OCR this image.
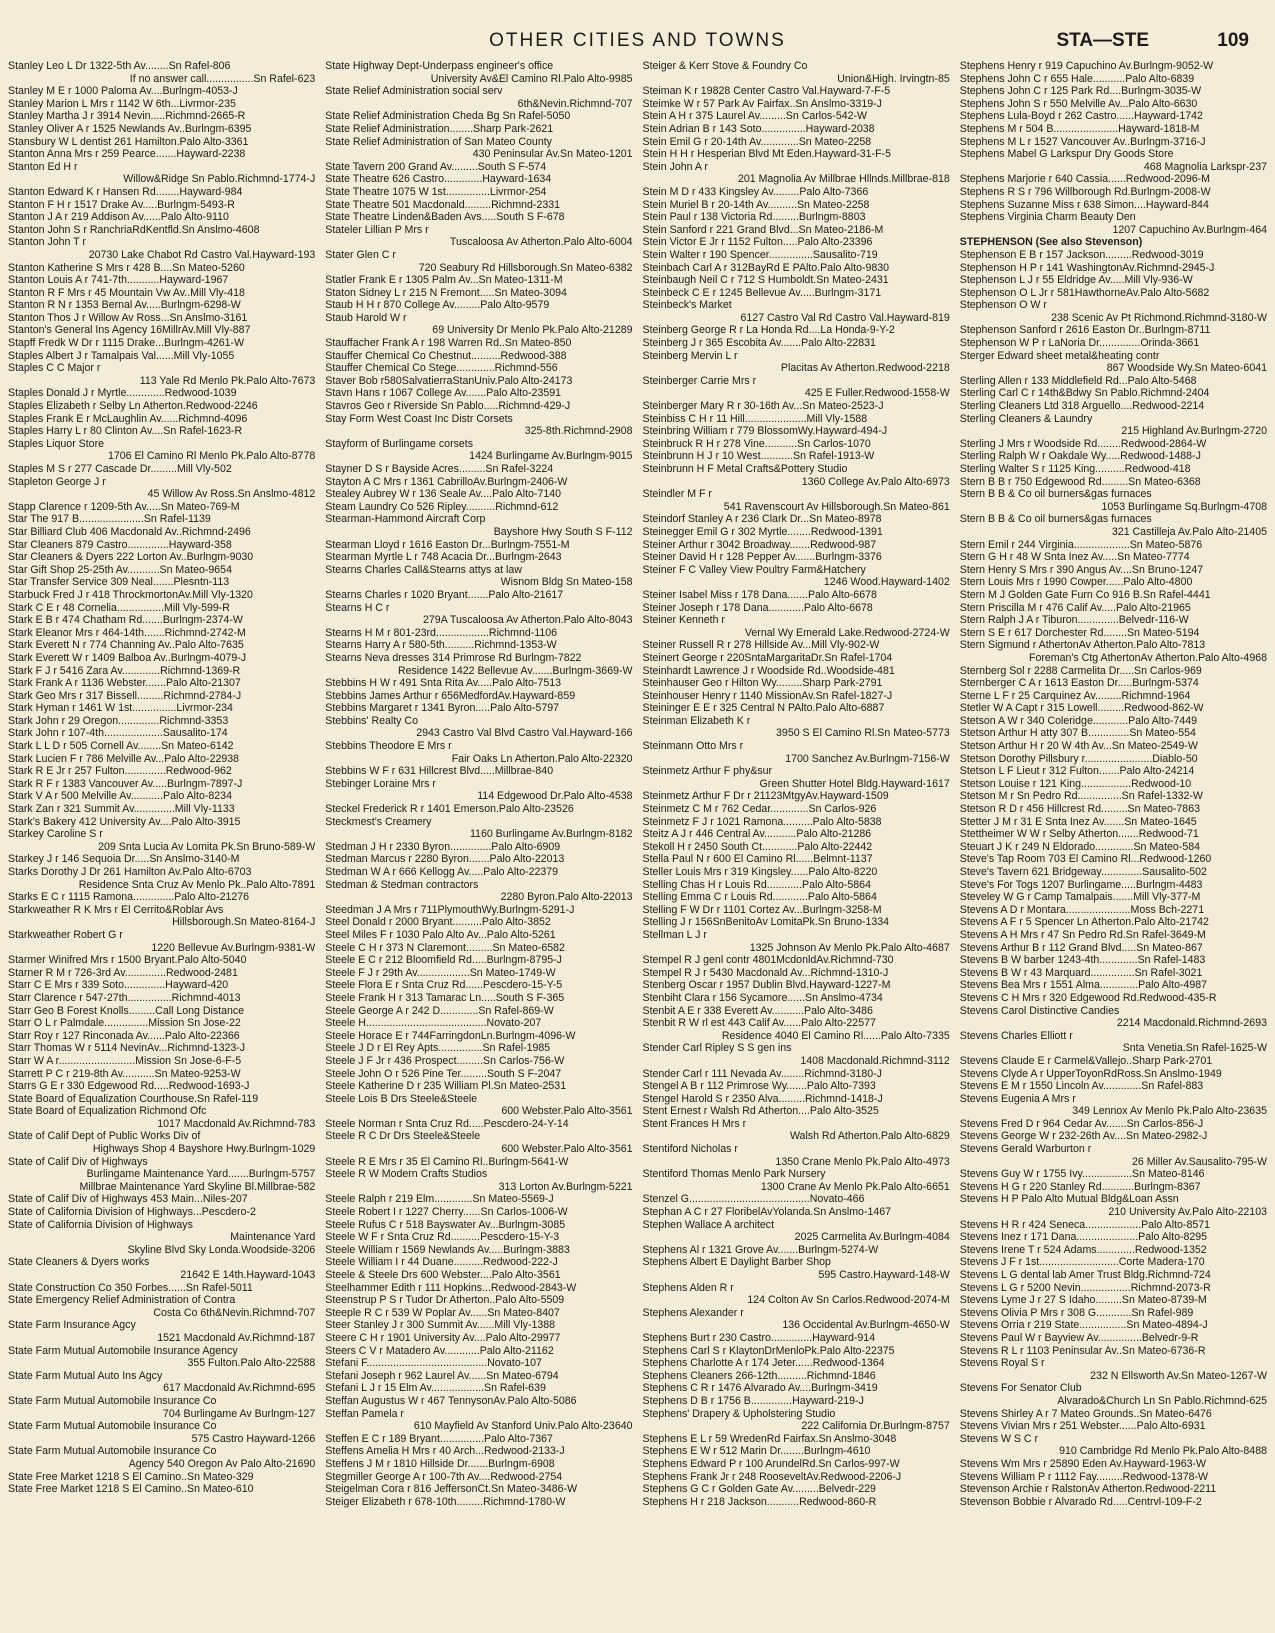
OTHER CITIES AND TOWNS	STA—STE	109
Stanley Leo L Dr 1322-5th Av........Sn Rafel-806
If no answer call................Sn Rafel-623
Stanley M E r 1000 Paloma Av....Burlngm-4053-J
Stanley Marion L Mrs r 1142 W 6th...Livrmor-235
Stanley Martha J r 3914 Nevin.....Richmnd-2665-R
Stanley Oliver A r 1525 Newlands Av..Burlngm-6395
Stansbury W L dentist 261 Hamilton.Palo Alto-3361
Stanton Anna Mrs r 259 Pearce.......Hayward-2238
Stanton Ed H r
Willow&Ridge Sn Pablo.Richmnd-1774-J
Stanton Edward K r Hansen Rd........Hayward-984
Stanton F H r 1517 Drake Av.....Burlngm-5493-R
Stanton J A r 219 Addison Av......Palo Alto-9110
Stanton John S r RanchriaRdKentfld.Sn Anslmo-4608
Stanton John T r
20730 Lake Chabot Rd Castro Val.Hayward-193
Stanton Katherine S Mrs r 428 B....Sn Mateo-5260
Stanton Louis A r 741-7th...........Hayward-1967
Stanton R F Mrs r 45 Mountain Vw Av..Mill Vly-418
Stanton R N r 1353 Bernal Av.....Burlngm-6298-W
Stanton Thos J r Willow Av Ross...Sn Anslmo-3161
Stanton's General Ins Agency 16MillrAv.Mill Vly-887
Stapff Fredk W Dr r 1115 Drake...Burlngm-4261-W
Staples Albert J r Tamalpais Val......Mill Vly-1055
Staples C C Major r
113 Yale Rd Menlo Pk.Palo Alto-7673
Staples Donald J r Myrtle.............Redwood-1039
Staples Elizabeth r Selby Ln Atherton.Redwood-2246
Staples Frank E r McLaughlin Av......Richmnd-4096
Staples Harry L r 80 Clinton Av....Sn Rafel-1623-R
Staples Liquor Store
1706 El Camino Rl Menlo Pk.Palo Alto-8778
Staples M S r 277 Cascade Dr.........Mill Vly-502
Stapleton George J r
45 Willow Av Ross.Sn Anslmo-4812
Stapp Clarence r 1209-5th Av.....Sn Mateo-769-M
Star The 917 B......................Sn Rafel-1139
Star Billiard Club 406 Macdonald Av..Richmnd-2496
Star Cleaners 879 Castro..............Hayward-358
Star Cleaners & Dyers 222 Lorton Av..Burlngm-9030
Star Gift Shop 25-25th Av...........Sn Mateo-9654
Star Transfer Service 309 Neal.......Plesntn-113
Starbuck Fred J r 418 ThrockmortonAv.Mill Vly-1320
Stark C E r 48 Cornelia................Mill Vly-599-R
Stark E B r 474 Chatham Rd.......Burlngm-2374-W
Stark Eleanor Mrs r 464-14th.......Richmnd-2742-M
Stark Everett N r 774 Channing Av..Palo Alto-7635
Stark Everett W r 1409 Balboa Av..Burlngm-4079-J
Stark F J r 5416 Zara Av.............Richmnd-1369-R
Stark Frank A r 1136 Webster.......Palo Alto-21307
Stark Geo Mrs r 317 Bissell.........Richmnd-2784-J
Stark Hyman r 1461 W 1st...............Livrmor-234
Stark John r 29 Oregon..............Richmnd-3353
Stark John r 107-4th....................Sausalito-174
Stark L L D r 505 Cornell Av........Sn Mateo-6142
Stark Lucien F r 786 Melville Av...Palo Alto-22938
Stark R E Jr r 257 Fulton..............Redwood-962
Stark R F r 1383 Vancouver Av.....Burlngm-7897-J
Stark V A r 500 Melville Av...........Palo Alto-8234
Stark Zan r 321 Summit Av..............Mill Vly-1133
Stark's Bakery 412 University Av....Palo Alto-3915
Starkey Caroline S r
209 Snta Lucia Av Lomita Pk.Sn Bruno-589-W
Starkey J r 146 Sequoia Dr.....Sn Anslmo-3140-M
Starks Dorothy J Dr 261 Hamilton Av.Palo Alto-6703
Residence Snta Cruz Av Menlo Pk..Palo Alto-7891
Starks E C r 1115 Ramona..............Palo Alto-21276
Starkweather R K Mrs r El Cerrito&Roblar Avs
Hillsborough.Sn Mateo-8164-J
Starkweather Robert G r
1220 Bellevue Av.Burlngm-9381-W
Starmer Winifred Mrs r 1500 Bryant.Palo Alto-5040
Starner R M r 726-3rd Av..............Redwood-2481
Starr C E Mrs r 339 Soto..............Hayward-420
Starr Clarence r 547-27th...............Richmnd-4013
Starr Geo B Forest Knolls.........Call Long Distance
Starr O L r Palmdale...............Mission Sn Jose-22
Starr Roy r 127 Rinconada Av......Palo Alto-22366
Starr Thomas W r 5114 NevinAv...Richmnd-1323-J
Starr W A r..........................Mission Sn Jose-6-F-5
Starrett P C r 219-8th Av...........Sn Mateo-9253-W
Starrs G E r 330 Edgewood Rd.....Redwood-1693-J
State Board of Equalization Courthouse.Sn Rafel-119
State Board of Equalization Richmond Ofc
1017 Macdonald Av.Richmnd-783
State of Calif Dept of Public Works Div of
Highways Shop 4 Bayshore Hwy.Burlngm-1029
State of Calif Div of Highways
Burlingame Maintenance Yard.......Burlngm-5757
Millbrae Maintenance Yard Skyline Bl.Millbrae-582
State of Calif Div of Highways 453 Main...Niles-207
State of California Division of Highways...Pescdero-2
State of California Division of Highways
Maintenance Yard
Skyline Blvd Sky Londa.Woodside-3206
State Cleaners & Dyers works
21642 E 14th.Hayward-1043
State Construction Co 350 Forbes......Sn Rafel-5011
State Emergency Relief Administration of Contra
Costa Co 6th&Nevin.Richmnd-707
State Farm Insurance Agcy
1521 Macdonald Av.Richmnd-187
State Farm Mutual Automobile Insurance Agency
355 Fulton.Palo Alto-22588
State Farm Mutual Auto Ins Agcy
617 Macdonald Av.Richmnd-695
State Farm Mutual Automobile Insurance Co
704 Burlingame Av Burlngm-127
State Farm Mutual Automobile Insurance Co
575 Castro Hayward-1266
State Farm Mutual Automobile Insurance Co
Agency 540 Oregon Av Palo Alto-21690
State Free Market 1218 S El Camino..Sn Mateo-329
State Free Market 1218 S El Camino..Sn Mateo-610
State Highway Dept-Underpass engineer's office
University Av&El Camino Rl.Palo Alto-9985
State Relief Administration social serv
6th&Nevin.Richmnd-707
State Relief Administration Cheda Bg Sn Rafel-5050
State Relief Administration........Sharp Park-2621
State Relief Administration of San Mateo County
430 Peninsular Av.Sn Mateo-1201
State Tavern 200 Grand Av.........South S F-574
State Theatre 626 Castro.............Hayward-1634
State Theatre 1075 W 1st...............Livrmor-254
State Theatre 501 Macdonald.........Richmnd-2331
State Theatre Linden&Baden Avs.....South S F-678
Stateler Lillian P Mrs r
Tuscaloosa Av Atherton.Palo Alto-6004
Stater Glen C r
720 Seabury Rd Hillsborough.Sn Mateo-6382
Statler Frank E r 1305 Palm Av...Sn Mateo-1311-M
Staton Sidney L r 215 N Fremont.....Sn Mateo-3094
Staub H H r 870 College Av.........Palo Alto-9579
Staub Harold W r
69 University Dr Menlo Pk.Palo Alto-21289
Stauffacher Frank A r 198 Warren Rd..Sn Mateo-850
Stauffer Chemical Co Chestnut..........Redwood-388
Stauffer Chemical Co Stege.............Richmnd-556
Staver Bob r580SalvatierraStanUniv.Palo Alto-24173
Stavn Hans r 1067 College Av.......Palo Alto-23591
Stavros Geo r Riverside Sn Pablo.....Richmnd-429-J
Stay Form West Coast Inc Distr Corsets
325-8th.Richmnd-2908
Stayform of Burlingame corsets
1424 Burlingame Av.Burlngm-9015
Stayner D S r Bayside Acres.........Sn Rafel-3224
Stayton A C Mrs r 1361 CabrilloAv.Burlngm-2406-W
Stealey Aubrey W r 136 Seale Av....Palo Alto-7140
Steam Laundry Co 526 Ripley..........Richmnd-612
Stearman-Hammond Aircraft Corp
Bayshore Hwy South S F-112
Stearman Lloyd r 1616 Easton Dr...Burlngm-7551-M
Stearman Myrtle L r 748 Acacia Dr...Burlngm-2643
Stearns Charles Call&Stearns attys at law
Wisnom Bldg Sn Mateo-158
Stearns Charles r 1020 Bryant.......Palo Alto-21617
Stearns H C r
279A Tuscaloosa Av Atherton.Palo Alto-8043
Stearns H M r 801-23rd..................Richmnd-1106
Stearns Harry A r 580-5th..........Richmnd-1353-W
Stearns Neva dresses 314 Primrose Rd Burlngm-7822
Residence 1422 Bellevue Av.......Burlngm-3669-W
Stebbins H W r 491 Snta Rita Av.....Palo Alto-7513
Stebbins James Arthur r 656MedfordAv.Hayward-859
Stebbins Margaret r 1341 Byron.....Palo Alto-5797
Stebbins' Realty Co
2943 Castro Val Blvd Castro Val.Hayward-166
Stebbins Theodore E Mrs r
Fair Oaks Ln Atherton.Palo Alto-22320
Stebbins W F r 631 Hillcrest Blvd.....Millbrae-840
Stebinger Loraine Mrs r
114 Edgewood Dr.Palo Alto-4538
Steckel Frederick R r 1401 Emerson.Palo Alto-23526
Steckmest's Creamery
1160 Burlingame Av.Burlngm-8182
Stedman J H r 2330 Byron..............Palo Alto-6909
Stedman Marcus r 2280 Byron.......Palo Alto-22013
Stedman W A r 666 Kellogg Av.....Palo Alto-22379
Stedman & Stedman contractors
2280 Byron.Palo Alto-22013
Steedman J A Mrs r 711PlymouthWy.Burlngm-5291-J
Steel Donald r 2000 Bryant..........Palo Alto-3852
Steel Miles F r 1030 Palo Alto Av...Palo Alto-5261
Steele C H r 373 N Claremont.........Sn Mateo-6582
Steele E C r 212 Bloomfield Rd.....Burlngm-8795-J
Steele F J r 29th Av..................Sn Mateo-1749-W
Steele Flora E r Snta Cruz Rd......Pescdero-15-Y-5
Steele Frank H r 313 Tamarac Ln.....South S F-365
Steele George A r 242 D.............Sn Rafel-869-W
Steele H.........................................Novato-207
Steele Horace E r 744FarringdonLn.Burlngm-4096-W
Steele J D r El Rey Apts...............Sn Rafel-1985
Steele J F Jr r 436 Prospect.........Sn Carlos-756-W
Steele John O r 526 Pine Ter.........South S F-2047
Steele Katherine D r 235 William Pl.Sn Mateo-2531
Steele Lois B Drs Steele&Steele
600 Webster.Palo Alto-3561
Steele Norman r Snta Cruz Rd.....Pescdero-24-Y-14
Steele R C Dr Drs Steele&Steele
600 Webster.Palo Alto-3561
Steele R E Mrs r 35 El Camino Rl..Burlngm-5641-W
Steele R W Modern Crafts Studios
313 Lorton Av.Burlngm-5221
Steele Ralph r 219 Elm.............Sn Mateo-5569-J
Steele Robert I r 1227 Cherry......Sn Carlos-1006-W
Steele Rufus C r 518 Bayswater Av...Burlngm-3085
Steele W F r Snta Cruz Rd..........Pescdero-15-Y-3
Steele William r 1569 Newlands Av.....Burlngm-3883
Steele William I r 44 Duane..........Redwood-222-J
Steele & Steele Drs 600 Webster....Palo Alto-3561
Steelhammer Edith r 111 Hopkins...Redwood-2843-W
Steenstrup P S r Tudor Dr Atherton..Palo Alto-5509
Steeple R C r 539 W Poplar Av......Sn Mateo-8407
Steer Stanley J r 300 Summit Av......Mill Vly-1388
Steere C H r 1901 University Av....Palo Alto-29977
Steers C V r Matadero Av............Palo Alto-21162
Stefani F.........................................Novato-107
Stefani Joseph r 962 Laurel Av......Sn Mateo-6794
Stefani L J r 15 Elm Av..................Sn Rafel-639
Steffan Augustus W r 467 TennysonAv.Palo Alto-5086
Steffan Pamela r
610 Mayfield Av Stanford Univ.Palo Alto-23640
Steffen E C r 189 Bryant...............Palo Alto-7367
Steffens Amelia H Mrs r 40 Arch...Redwood-2133-J
Steffens J M r 1810 Hillside Dr.......Burlngm-6908
Stegmiller George A r 100-7th Av....Redwood-2754
Steigelman Cora r 816 JeffersonCt.Sn Mateo-3486-W
Steiger Elizabeth r 678-10th.........Richmnd-1780-W
Steiger & Kerr Stove & Foundry Co
Union&High. Irvingtn-85
Steiman K r 19828 Center Castro Val.Hayward-7-F-5
Steimke W r 57 Park Av Fairfax..Sn Anslmo-3319-J
Stein A H r 375 Laurel Av.........Sn Carlos-542-W
Stein Adrian B r 143 Soto...............Hayward-2038
Stein Emil G r 20-14th Av.............Sn Mateo-2258
Stein H H r Hesperian Blvd Mt Eden.Hayward-31-F-5
Stein John A r
201 Magnolia Av Millbrae Hllnds.Millbrae-818
Stein M D r 433 Kingsley Av.........Palo Alto-7366
Stein Muriel B r 20-14th Av..........Sn Mateo-2258
Stein Paul r 138 Victoria Rd.........Burlngm-8803
Stein Sanford r 221 Grand Blvd...Sn Mateo-2186-M
Stein Victor E Jr r 1152 Fulton.....Palo Alto-23396
Stein Walter r 190 Spencer...............Sausalito-719
Steinbach Carl A r 312BayRd E PAlto.Palo Alto-9830
Steinbaugh Neil C r 712 S Humboldt.Sn Mateo-2431
Steinbeck C E r 1245 Bellevue Av.....Burlngm-3171
Steinbeck's Market
6127 Castro Val Rd Castro Val.Hayward-819
Steinberg George R r La Honda Rd....La Honda-9-Y-2
Steinberg J r 365 Escobita Av.......Palo Alto-22831
Steinberg Mervin L r
Placitas Av Atherton.Redwood-2218
Steinberger Carrie Mrs r
425 E Fuller.Redwood-1558-W
Steinberger Mary R r 30-16th Av...Sn Mateo-2523-J
Steinbiss C H r 11 Hill.....................Mill Vly-1588
Steinbring William r 779 BlossomWy.Hayward-494-J
Steinbruck R H r 278 Vine...........Sn Carlos-1070
Steinbrunn H J r 10 West...........Sn Rafel-1913-W
Steinbrunn H F Metal Crafts&Pottery Studio
1360 College Av.Palo Alto-6973
Steindler M F r
541 Ravenscourt Av Hillsborough.Sn Mateo-861
Steindorf Stanley A r 236 Clark Dr...Sn Mateo-8978
Steinegger Emil G r 302 Myrtle........Redwood-1391
Steiner Arthur r 3042 Broadway.......Redwood-987
Steiner David H r 128 Pepper Av.......Burlngm-3376
Steiner F C Valley View Poultry Farm&Hatchery
1246 Wood.Hayward-1402
Steiner Isabel Miss r 178 Dana.......Palo Alto-6678
Steiner Joseph r 178 Dana............Palo Alto-6678
Steiner Kenneth r
Vernal Wy Emerald Lake.Redwood-2724-W
Steiner Russell R r 278 Hillside Av...Mill Vly-902-W
Steinert George r 220SntaMargaritaDr.Sn Rafel-1704
Steinhardt Lawrence J r Woodside Rd..Woodside-481
Steinhauser Geo r Hilton Wy.........Sharp Park-2791
Steinhouser Henry r 1140 MissionAv.Sn Rafel-1827-J
Steininger E E r 325 Central N PAlto.Palo Alto-6887
Steinman Elizabeth K r
3950 S El Camino Rl.Sn Mateo-5773
Steinmann Otto Mrs r
1700 Sanchez Av.Burlngm-7156-W
Steinmetz Arthur F phy&sur
Green Shutter Hotel Bldg.Hayward-1617
Steinmetz Arthur F Dr r 21123MtgyAv.Hayward-1509
Steinmetz C M r 762 Cedar.............Sn Carlos-926
Steinmetz F J r 1021 Ramona..........Palo Alto-5838
Steitz A J r 446 Central Av...........Palo Alto-21286
Stekoll H r 2450 South Ct............Palo Alto-22442
Stella Paul N r 600 El Camino Rl......Belmnt-1137
Steller Louis Mrs r 319 Kingsley......Palo Alto-8220
Stelling Chas H r Louis Rd............Palo Alto-5864
Stelling Emma C r Louis Rd............Palo Alto-5864
Stelling F W Dr r 1101 Cortez Av...Burlngm-3258-M
Stelling J r 156SnBenitoAv LomitaPk.Sn Bruno-1334
Stellman L J r
1325 Johnson Av Menlo Pk.Palo Alto-4687
Stempel R J genl contr 4801McdonldAv.Richmnd-730
Stempel R J r 5430 Macdonald Av...Richmnd-1310-J
Stenberg Oscar r 1957 Dublin Blvd.Hayward-1227-M
Stenbiht Clara r 156 Sycamore......Sn Anslmo-4734
Stenbit A E r 338 Everett Av...........Palo Alto-3486
Stenbit R W rl est 443 Calif Av......Palo Alto-22577
Residence 4040 El Camino Rl......Palo Alto-7335
Stender Carl Ripley S S gen ins
1408 Macdonald.Richmnd-3112
Stender Carl r 111 Nevada Av........Richmnd-3180-J
Stengel A B r 112 Primrose Wy.......Palo Alto-7393
Stengel Harold S r 2350 Alva.........Richmnd-1418-J
Stent Ernest r Walsh Rd Atherton....Palo Alto-3525
Stent Frances H Mrs r
Walsh Rd Atherton.Palo Alto-6829
Stentiford Nicholas r
1350 Crane Menlo Pk.Palo Alto-4973
Stentiford Thomas Menlo Park Nursery
1300 Crane Av Menlo Pk.Palo Alto-6651
Stenzel G.........................................Novato-466
Stephan A C r 27 FloribelAvYolanda.Sn Anslmo-1467
Stephen Wallace A architect
2025 Carmelita Av.Burlngm-4084
Stephens Al r 1321 Grove Av.......Burlngm-5274-W
Stephens Albert E Daylight Barber Shop
595 Castro.Hayward-148-W
Stephens Alden R r
124 Colton Av Sn Carlos.Redwood-2074-M
Stephens Alexander r
136 Occidental Av.Burlngm-4650-W
Stephens Burt r 230 Castro..............Hayward-914
Stephens Carl S r KlaytonDrMenloPk.Palo Alto-22375
Stephens Charlotte A r 174 Jeter......Redwood-1364
Stephens Cleaners 266-12th..........Richmnd-1846
Stephens C R r 1476 Alvarado Av....Burlngm-3419
Stephens D B r 1756 B..............Hayward-219-J
Stephens' Drapery & Upholstering Studio
222 California Dr.Burlngm-8757
Stephens E L r 59 WredenRd Fairfax.Sn Anslmo-3048
Stephens E W r 512 Marin Dr........Burlngm-4610
Stephens Edward P r 100 ArundelRd.Sn Carlos-997-W
Stephens Frank Jr r 248 RooseveltAv.Redwood-2206-J
Stephens G C r Golden Gate Av.........Belvedr-229
Stephens H r 218 Jackson...........Redwood-860-R
Stephens Henry r 919 Capuchino Av.Burlngm-9052-W
Stephens John C r 655 Hale...........Palo Alto-6839
Stephens John C r 125 Park Rd....Burlngm-3035-W
Stephens John S r 550 Melville Av...Palo Alto-6630
Stephens Lula-Boyd r 262 Castro......Hayward-1742
Stephens M r 504 B......................Hayward-1818-M
Stephens M L r 1527 Vancouver Av..Burlngm-3716-J
Stephens Mabel G Larkspur Dry Goods Store
468 Magnolia Larkspr-237
Stephens Marjorie r 640 Cassia......Redwood-2096-M
Stephens R S r 796 Willborough Rd.Burlngm-2008-W
Stephens Suzanne Miss r 638 Simon....Hayward-844
Stephens Virginia Charm Beauty Den
1207 Capuchino Av.Burlngm-464
STEPHENSON (See also Stevenson)
Stephenson E B r 157 Jackson.........Redwood-3019
Stephenson H P r 141 WashingtonAv.Richmnd-2945-J
Stephenson L J r 55 Eldridge Av.....Mill Vly-936-W
Stephenson O L Jr r 581HawthorneAv.Palo Alto-5682
Stephenson O W r
238 Scenic Av Pt Richmond.Richmnd-3180-W
Stephenson Sanford r 2616 Easton Dr..Burlngm-8711
Stephenson W P r LaNoria Dr..............Orinda-3661
Sterger Edward sheet metal&heating contr
867 Woodside Wy.Sn Mateo-6041
Sterling Allen r 133 Middlefield Rd...Palo Alto-5468
Sterling Carl C r 14th&Bdwy Sn Pablo.Richmnd-2404
Sterling Cleaners Ltd 318 Arguello....Redwood-2214
Sterling Cleaners & Laundry
215 Highland Av.Burlngm-2720
Sterling J Mrs r Woodside Rd........Redwood-2864-W
Sterling Ralph W r Oakdale Wy.....Redwood-1488-J
Sterling Walter S r 1125 King..........Redwood-418
Stern B B r 750 Edgewood Rd.........Sn Mateo-6368
Stern B B & Co oil burners&gas furnaces
1053 Burlingame Sq.Burlngm-4708
Stern B B & Co oil burners&gas furnaces
321 Castilleja Av.Palo Alto-21405
Stern Emil r 244 Virginia...................Sn Mateo-5876
Stern G H r 48 W Snta Inez Av.....Sn Mateo-7774
Stern Henry S Mrs r 390 Angus Av....Sn Bruno-1247
Stern Louis Mrs r 1990 Cowper......Palo Alto-4800
Stern M J Golden Gate Furn Co 916 B.Sn Rafel-4441
Stern Priscilla M r 476 Calif Av.....Palo Alto-21965
Stern Ralph J A r Tiburon..............Belvedr-116-W
Stern S E r 617 Dorchester Rd........Sn Mateo-5194
Stern Sigmund r AthertonAv Atherton.Palo Alto-7813
Foreman's Ctg AthertonAv Atherton.Palo Alto-4968
Sternberg Sol r 2288 Carmelita Dr.....Sn Carlos-969
Sternberger C A r 1613 Easton Dr.....Burlngm-5374
Sterne L F r 25 Carquinez Av.........Richmnd-1964
Stetler W A Capt r 315 Lowell.........Redwood-862-W
Stetson A W r 340 Coleridge............Palo Alto-7449
Stetson Arthur H atty 307 B..............Sn Mateo-554
Stetson Arthur H r 20 W 4th Av...Sn Mateo-2549-W
Stetson Dorothy Pillsbury r.......................Diablo-50
Stetson L F Lieut r 312 Fulton.......Palo Alto-24214
Stetson Louise r 121 King.................Redwood-10
Stetson M r Sn Pedro Rd...............Sn Rafel-1332-W
Stetson R D r 456 Hillcrest Rd.........Sn Mateo-7863
Stetter J M r 31 E Snta Inez Av.......Sn Mateo-1645
Stettheimer W W r Selby Atherton.......Redwood-71
Steuart J K r 249 N Eldorado.............Sn Mateo-584
Steve's Tap Room 703 El Camino Rl...Redwood-1260
Steve's Tavern 621 Bridgeway..............Sausalito-502
Steve's For Togs 1207 Burlingame.....Burlngm-4483
Steveley W G r Camp Tamalpais.......Mill Vly-377-M
Stevens A D r Montara......................Moss Bch-2271
Stevens A F r 5 Spencer Ln Atherton.Palo Alto-21742
Stevens A H Mrs r 47 Sn Pedro Rd.Sn Rafel-3649-M
Stevens Arthur B r 112 Grand Blvd.....Sn Mateo-867
Stevens B W barber 1243-4th.............Sn Rafel-1483
Stevens B W r 43 Marquard...............Sn Rafel-3021
Stevens Bea Mrs r 1551 Alma.............Palo Alto-4987
Stevens C H Mrs r 320 Edgewood Rd.Redwood-435-R
Stevens Carol Distinctive Candies
2214 Macdonald.Richmnd-2693
Stevens Charles Elliott r
Snta Venetia.Sn Rafel-1625-W
Stevens Claude E r Carmel&Vallejo..Sharp Park-2701
Stevens Clyde A r UpperToyonRdRoss.Sn Anslmo-1949
Stevens E M r 1550 Lincoln Av.............Sn Rafel-883
Stevens Eugenia A Mrs r
349 Lennox Av Menlo Pk.Palo Alto-23635
Stevens Fred D r 964 Cedar Av.......Sn Carlos-856-J
Stevens George W r 232-26th Av....Sn Mateo-2982-J
Stevens Gerald Warburton r
26 Miller Av.Sausalito-795-W
Stevens Guy W r 1755 Ivy.................Sn Mateo-8146
Stevens H G r 220 Stanley Rd...........Burlngm-8367
Stevens H P Palo Alto Mutual Bldg&Loan Assn
210 University Av.Palo Alto-22103
Stevens H R r 424 Seneca...................Palo Alto-8571
Stevens Inez r 171 Dana.....................Palo Alto-8295
Stevens Irene T r 524 Adams.............Redwood-1352
Stevens J F r 1st...........................Corte Madera-170
Stevens L G dental lab Amer Trust Bldg.Richmnd-724
Stevens L G r 5200 Nevin.................Richmnd-2073-R
Stevens Lyme J r 27 S Idaho.........Sn Mateo-8739-M
Stevens Olivia P Mrs r 308 G............Sn Rafel-989
Stevens Orria r 219 State................Sn Mateo-4894-J
Stevens Paul W r Bayview Av...............Belvedr-9-R
Stevens R L r 1103 Peninsular Av..Sn Mateo-6736-R
Stevens Royal S r
232 N Ellsworth Av.Sn Mateo-1267-W
Stevens For Senator Club
Alvarado&Church Ln Sn Pablo.Richmnd-625
Stevens Shirley A r 7 Mateo Grounds..Sn Mateo-6476
Stevens Vivian Mrs r 251 Webster......Palo Alto-6931
Stevens W S C r
910 Cambridge Rd Menlo Pk.Palo Alto-8488
Stevens Wm Mrs r 25890 Eden Av.Hayward-1963-W
Stevens William P r 1112 Fay.........Redwood-1378-W
Stevenson Archie r RalstonAv Atherton.Redwood-2211
Stevenson Bobbie r Alvarado Rd.....Centrvl-109-F-2
